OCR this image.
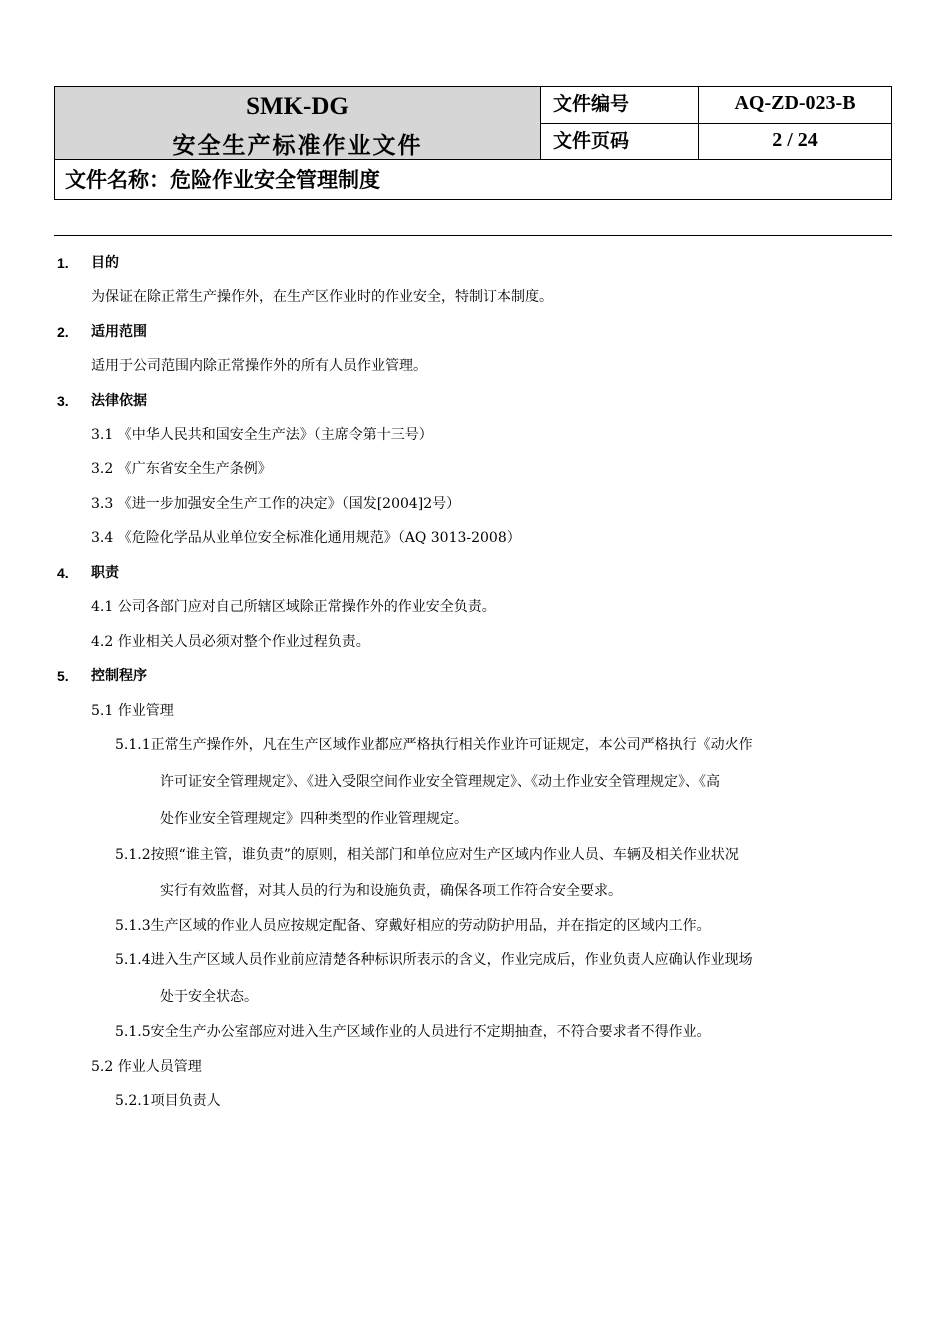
SMK-DG
安全生产标准作业文件
文件编号	AQ-ZD-023-B
文件页码	2 / 24
文件名称：危险作业安全管理制度
1. 目的
为保证在除正常生产操作外，在生产区作业时的作业安全，特制订本制度。
2. 适用范围
适用于公司范围内除正常操作外的所有人员作业管理。
3. 法律依据
3.1 《中华人民共和国安全生产法》（主席令第十三号）
3.2 《广东省安全生产条例》
3.3 《进一步加强安全生产工作的决定》（国发[2004]2号）
3.4 《危险化学品从业单位安全标准化通用规范》（AQ 3013-2008）
4. 职责
4.1 公司各部门应对自己所辖区域除正常操作外的作业安全负责。
4.2 作业相关人员必须对整个作业过程负责。
5. 控制程序
5.1 作业管理
5.1.1正常生产操作外，凡在生产区域作业都应严格执行相关作业许可证规定，本公司严格执行《动火作
许可证安全管理规定》、《进入受限空间作业安全管理规定》、《动土作业安全管理规定》、《高
处作业安全管理规定》四种类型的作业管理规定。
5.1.2按照“谁主管，谁负责”的原则，相关部门和单位应对生产区域内作业人员、车辆及相关作业状况
实行有效监督，对其人员的行为和设施负责，确保各项工作符合安全要求。
5.1.3生产区域的作业人员应按规定配备、穿戴好相应的劳动防护用品，并在指定的区域内工作。
5.1.4进入生产区域人员作业前应清楚各种标识所表示的含义，作业完成后，作业负责人应确认作业现场
处于安全状态。
5.1.5安全生产办公室部应对进入生产区域作业的人员进行不定期抽查，不符合要求者不得作业。
5.2 作业人员管理
5.2.1项目负责人
